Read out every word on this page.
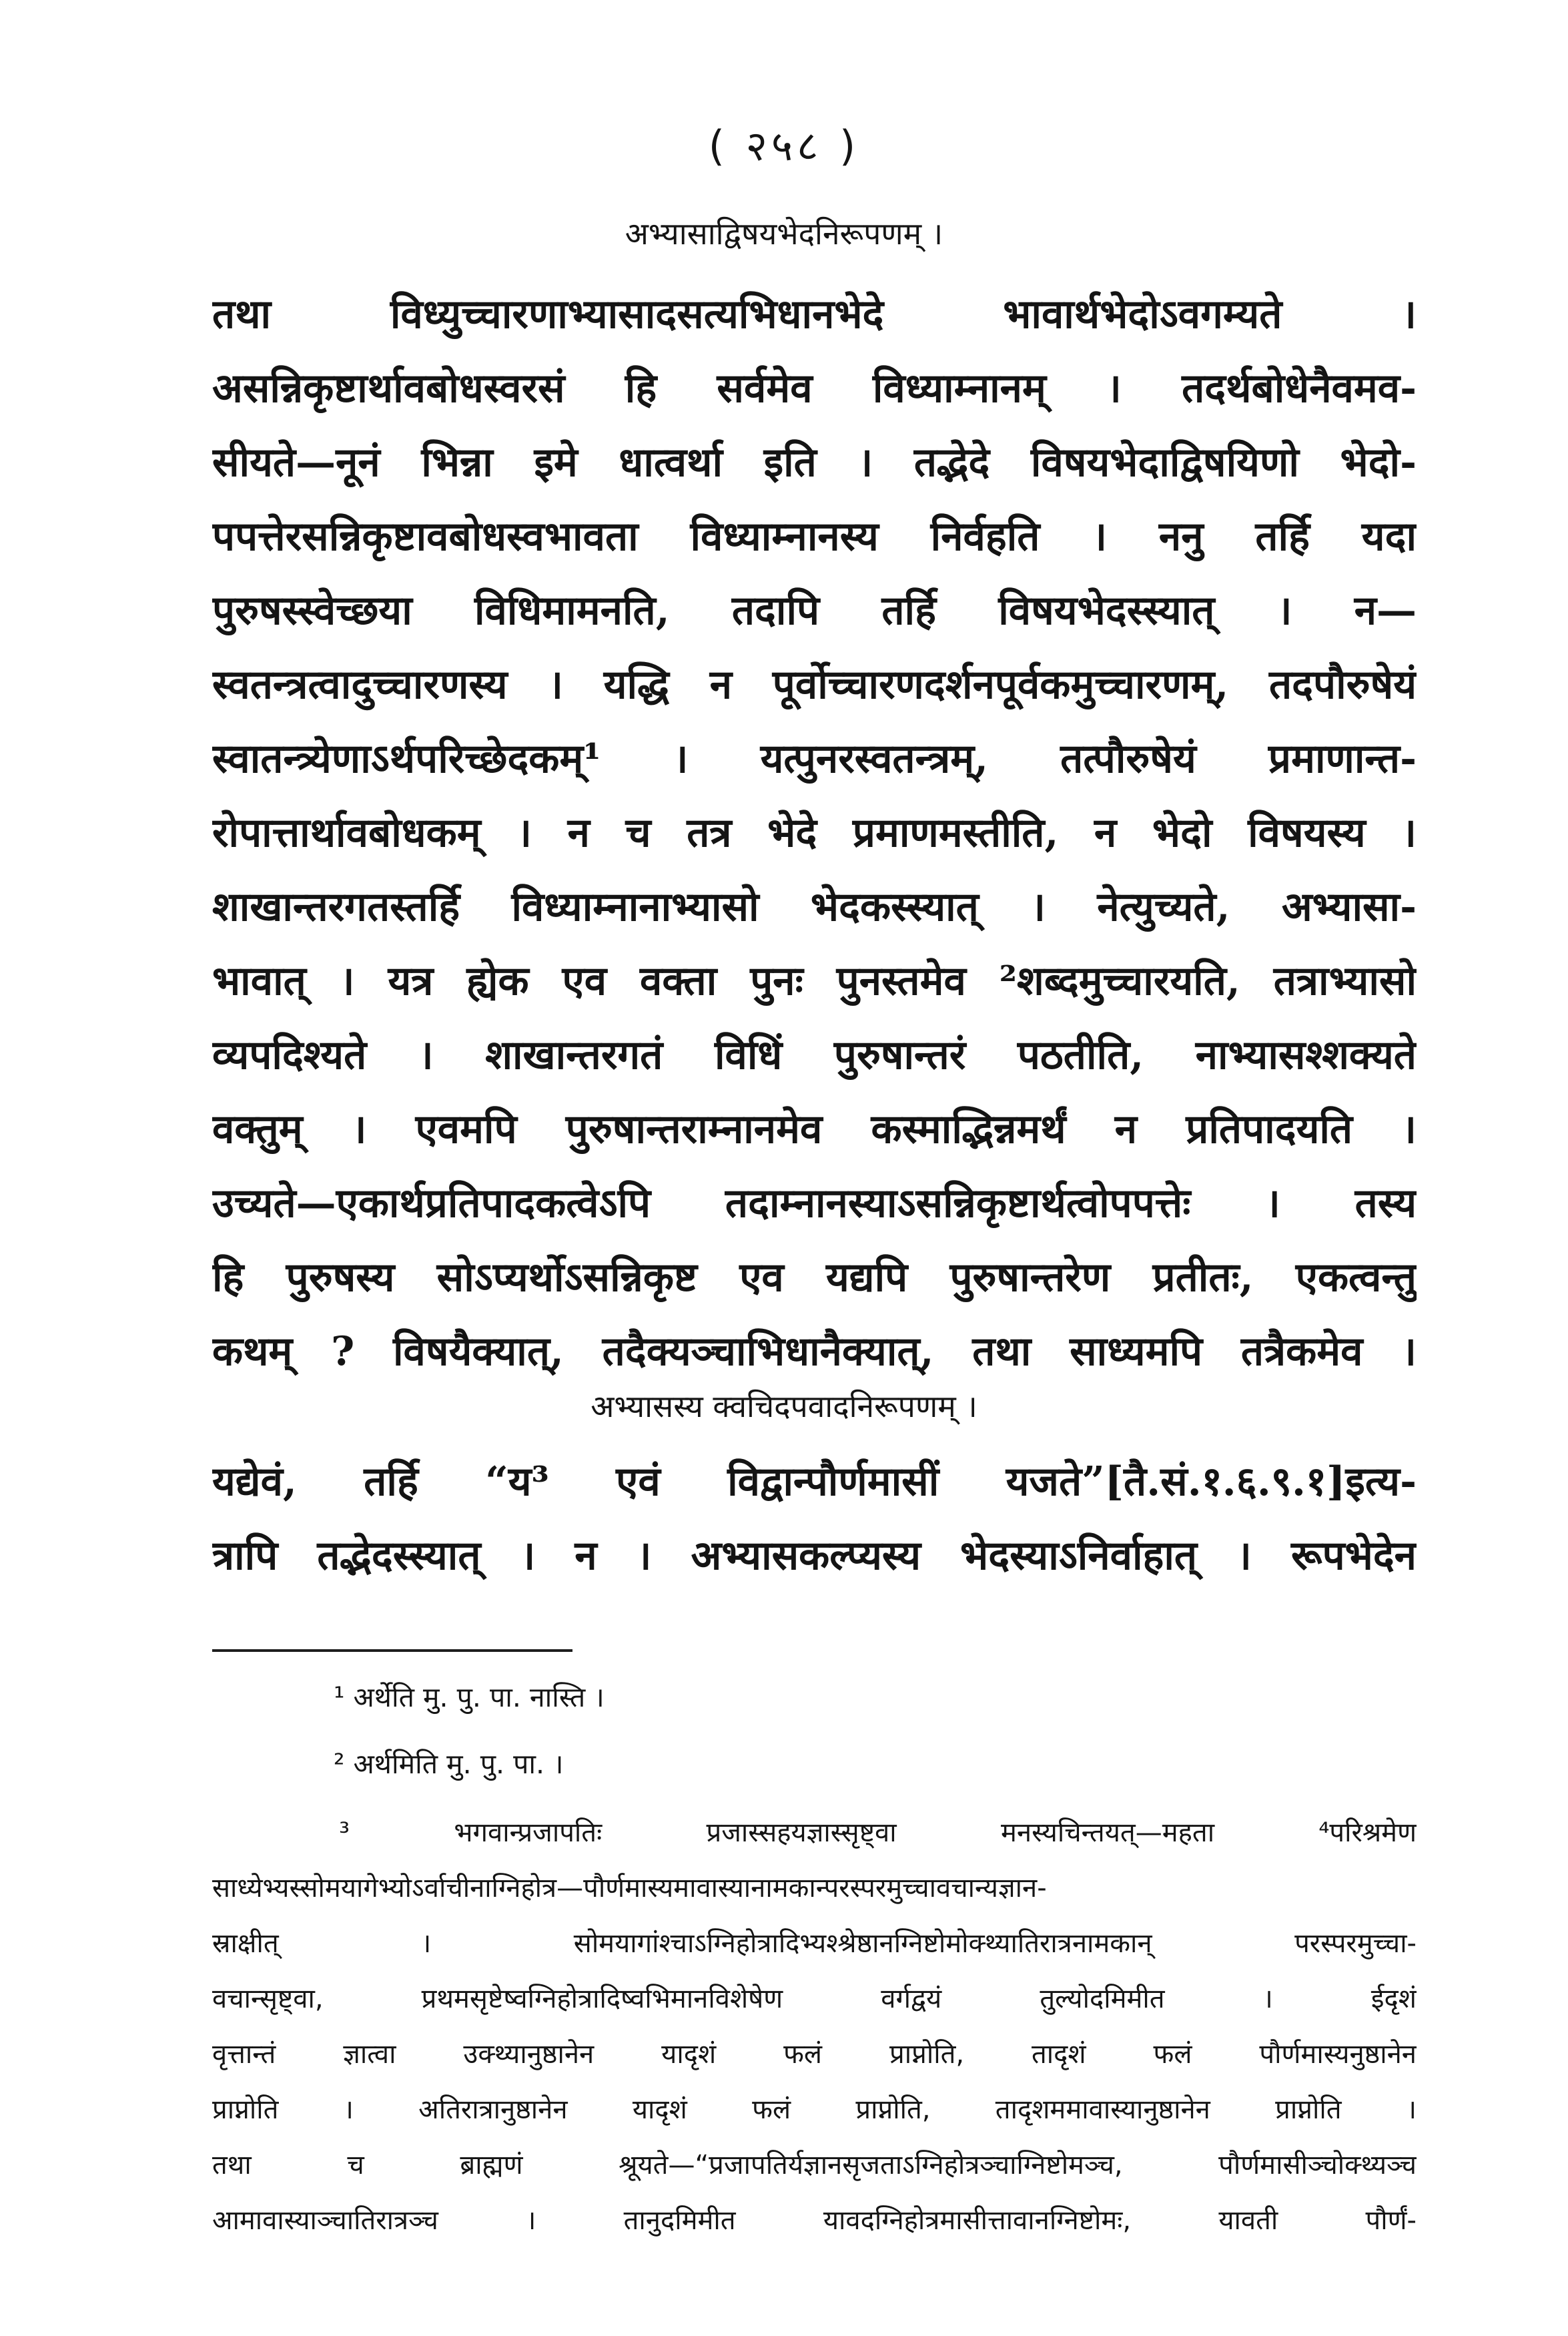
( २५८ )
अभ्यासाद्विषयभेदनिरूपणम् ।
तथा विध्युच्चारणाभ्यासादसत्यभिधानभेदे भावार्थभेदोऽवगम्यते ।
असन्निकृष्टार्थावबोधस्वरसं हि सर्वमेव विध्याम्नानम् । तदर्थबोधेनैवमव-
सीयते—नूनं भिन्ना इमे धात्वर्था इति । तद्भेदे विषयभेदाद्विषयिणो भेदो-
पपत्तेरसन्निकृष्टावबोधस्वभावता विध्याम्नानस्य निर्वहति । ननु तर्हि यदा
पुरुषस्स्वेच्छया विधिमामनति, तदापि तर्हि विषयभेदस्स्यात् । न—
स्वतन्त्रत्वादुच्चारणस्य । यद्धि न पूर्वोच्चारणदर्शनपूर्वकमुच्चारणम्, तदपौरुषेयं
स्वातन्त्र्येणाऽर्थपरिच्छेदकम्¹ । यत्पुनरस्वतन्त्रम्, तत्पौरुषेयं प्रमाणान्त-
रोपात्तार्थावबोधकम् । न च तत्र भेदे प्रमाणमस्तीति, न भेदो विषयस्य ।
शाखान्तरगतस्तर्हि विध्याम्नानाभ्यासो भेदकस्स्यात् । नेत्युच्यते, अभ्यासा-
भावात् । यत्र ह्येक एव वक्ता पुनः पुनस्तमेव ²शब्दमुच्चारयति, तत्राभ्यासो
व्यपदिश्यते । शाखान्तरगतं विधिं पुरुषान्तरं पठतीति, नाभ्यासश्शक्यते
वक्तुम् । एवमपि पुरुषान्तराम्नानमेव कस्माद्भिन्नमर्थं न प्रतिपादयति ।
उच्यते—एकार्थप्रतिपादकत्वेऽपि तदाम्नानस्याऽसन्निकृष्टार्थत्वोपपत्तेः । तस्य
हि पुरुषस्य सोऽप्यर्थोऽसन्निकृष्ट एव यद्यपि पुरुषान्तरेण प्रतीतः, एकत्वन्तु
कथम् ? विषयैक्यात्, तदैक्यञ्चाभिधानैक्यात्, तथा साध्यमपि तत्रैकमेव ।
अभ्यासस्य क्वचिदपवादनिरूपणम् ।
यद्येवं, तर्हि “य³ एवं विद्वान्पौर्णमासीं यजते”[तै.सं.१.६.९.१]इत्य-
त्रापि तद्भेदस्स्यात् । न । अभ्यासकल्प्यस्य भेदस्याऽनिर्वाहात् । रूपभेदेन
¹ अर्थेति मु. पु. पा. नास्ति ।
² अर्थमिति मु. पु. पा. ।
³ भगवान्प्रजापतिः प्रजास्सहयज्ञास्सृष्ट्वा मनस्यचिन्तयत्—महता ⁴परिश्रमेण
साध्येभ्यस्सोमयागेभ्योऽर्वाचीनाग्निहोत्र—पौर्णमास्यमावास्यानामकान्परस्परमुच्चावचान्यज्ञान-
स्राक्षीत् । सोमयागांश्चाऽग्निहोत्रादिभ्यश्श्रेष्ठानग्निष्टोमोक्थ्यातिरात्रनामकान् परस्परमुच्चा-
वचान्सृष्ट्वा, प्रथमसृष्टेष्वग्निहोत्रादिष्वभिमानविशेषेण वर्गद्वयं तुल्योदमिमीत । ईदृशं
वृत्तान्तं ज्ञात्वा उक्थ्यानुष्ठानेन यादृशं फलं प्राप्नोति, तादृशं फलं पौर्णमास्यनुष्ठानेन
प्राप्नोति । अतिरात्रानुष्ठानेन यादृशं फलं प्राप्नोति, तादृशममावास्यानुष्ठानेन प्राप्नोति ।
तथा च ब्राह्मणं श्रूयते—“प्रजापतिर्यज्ञानसृजताऽग्निहोत्रञ्चाग्निष्टोमञ्च, पौर्णमासीञ्चोक्थ्यञ्च
आमावास्याञ्चातिरात्रञ्च । तानुदमिमीत यावदग्निहोत्रमासीत्तावानग्निष्टोमः, यावती पौर्णं-
